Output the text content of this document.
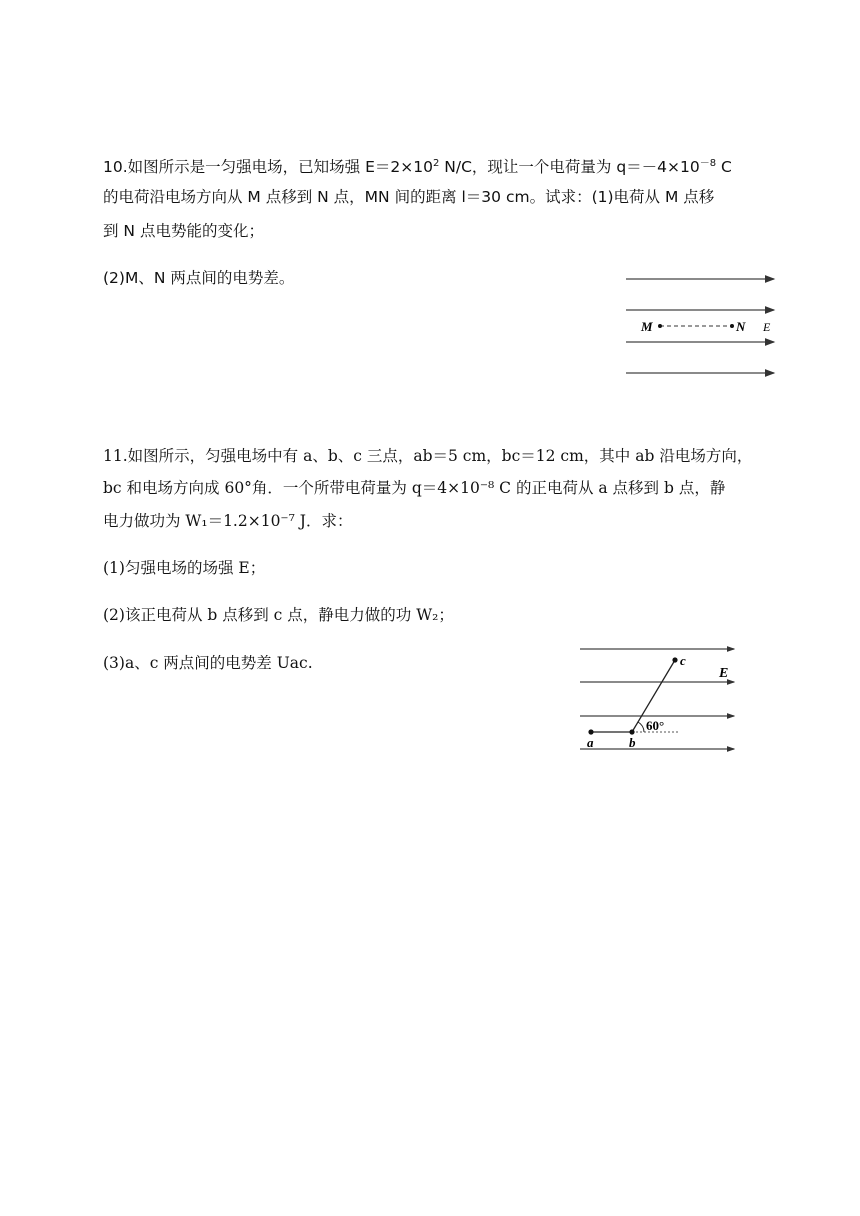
10.如图所示是一匀强电场，已知场强 $E=2\times 10^2$ N/C，现让一个电荷量为 $q=-4\times 10^{-8}$ C
的电荷沿电场方向从 M 点移到 N 点，MN 间的距离 l＝30 cm。试求：(1)电荷从 M 点移
到 N 点电势能的变化；
(2)M、N 两点间的电势差。
M	N E
11.如图所示，匀强电场中有 a、b、c 三点，ab＝5 cm，bc＝12 cm，其中 ab 沿电场方向，
bc 和电场方向成 60°角．一个所带电荷量为 q＝4×10⁻⁸ C 的正电荷从 a 点移到 b 点，静
电力做功为 W₁＝1.2×10⁻⁷ J．求：
(1)匀强电场的场强 E；
(2)该正电荷从 b 点移到 c 点，静电力做的功 W₂；
(3)a、c 两点间的电势差 Uac.
a	b
c
E
60°
